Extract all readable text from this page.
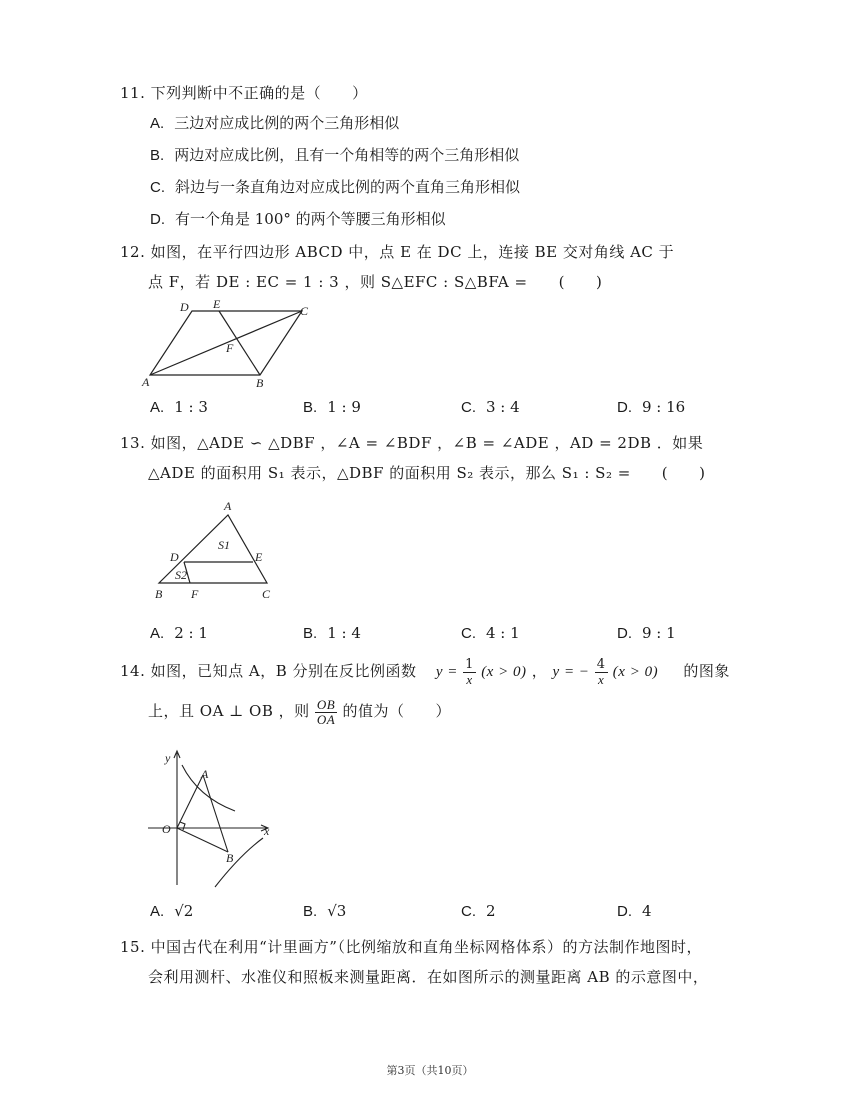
11. 下列判断中不正确的是（　　）
A. 三边对应成比例的两个三角形相似
B. 两边对应成比例，且有一个角相等的两个三角形相似
C. 斜边与一条直角边对应成比例的两个直角三角形相似
D. 有一个角是 100° 的两个等腰三角形相似
12. 如图，在平行四边形 ABCD 中，点 E 在 DC 上，连接 BE 交对角线 AC 于
点 F，若 DE : EC = 1 : 3 ，则 S△EFC : S△BFA =　　(　　)
A	B
C
D E
F
A. 1 : 3	B. 1 : 9	C. 3 : 4	D. 9 : 16
13. 如图，△ADE ∽ △DBF ，∠A = ∠BDF ，∠B = ∠ADE ，AD = 2DB ．如果
△ADE 的面积用 S₁ 表示，△DBF 的面积用 S₂ 表示，那么 S₁ : S₂ =　　(　　)
A
D	E
B F	C
S1
S2
A. 2 : 1	B. 1 : 4	C. 4 : 1	D. 9 : 1
14. 如图，已知点 A，B 分别在反比例函数 $y = \frac{1}{x} (x > 0)$ ， y = − $\frac{4}{x} (x > 0)$ 的图象
上，且 OA ⊥ OB ，则 $\frac{OB}{OA}$ 的值为（　　）
y
x
O
A
B
A. √2	B. √3	C. 2	D. 4
15. 中国古代在利用“计里画方”（比例缩放和直角坐标网格体系）的方法制作地图时，
会利用测杆、水准仪和照板来测量距离．在如图所示的测量距离 AB 的示意图中，
第3页（共10页）
